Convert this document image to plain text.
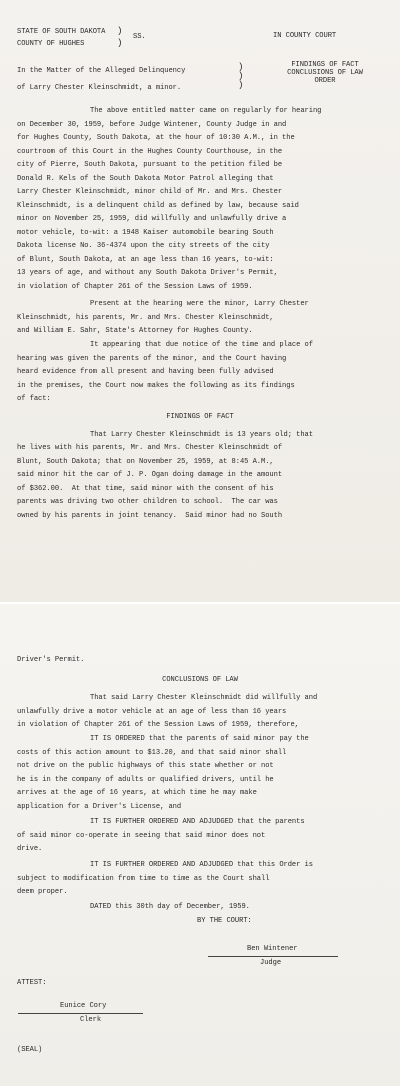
STATE OF SOUTH DAKOTA
COUNTY OF HUGHES
)
)
SS.	IN COUNTY COURT
In the Matter of the Alleged Delinquency
of Larry Chester Kleinschmidt, a minor.
)
)
)
FINDINGS OF FACT
CONCLUSIONS OF LAW
ORDER
The above entitled matter came on regularly for hearing
on December 30, 1959, before Judge Wintener, County Judge in and
for Hughes County, South Dakota, at the hour of 10:30 A.M., in the
courtroom of this Court in the Hughes County Courthouse, in the
city of Pierre, South Dakota, pursuant to the petition filed be
Donald R. Kels of the South Dakota Motor Patrol alleging that
Larry Chester Kleinschmidt, minor child of Mr. and Mrs. Chester
Kleinschmidt, is a delinquent child as defined by law, because said
minor on November 25, 1959, did willfully and unlawfully drive a
motor vehicle, to-wit: a 1948 Kaiser automobile bearing South
Dakota license No. 36-4374 upon the city streets of the city
of Blunt, South Dakota, at an age less than 16 years, to-wit:
13 years of age, and without any South Dakota Driver's Permit,
in violation of Chapter 261 of the Session Laws of 1959.
Present at the hearing were the minor, Larry Chester
Kleinschmidt, his parents, Mr. and Mrs. Chester Kleinschmidt,
and William E. Sahr, State's Attorney for Hughes County.
It appearing that due notice of the time and place of
hearing was given the parents of the minor, and the Court having
heard evidence from all present and having been fully advised
in the premises, the Court now makes the following as its findings
of fact:
FINDINGS OF FACT
That Larry Chester Kleinschmidt is 13 years old; that
he lives with his parents, Mr. and Mrs. Chester Kleinschmidt of
Blunt, South Dakota; that on November 25, 1959, at 8:45 A.M.,
said minor hit the car of J. P. Ogan doing damage in the amount
of $362.00.  At that time, said minor with the consent of his
parents was driving two other children to school.  The car was
owned by his parents in joint tenancy.  Said minor had no South
Driver's Permit.
CONCLUSIONS OF LAW
That said Larry Chester Kleinschmidt did willfully and
unlawfully drive a motor vehicle at an age of less than 16 years
in violation of Chapter 261 of the Session Laws of 1959, therefore,
IT IS ORDERED that the parents of said minor pay the
costs of this action amount to $13.20, and that said minor shall
not drive on the public highways of this state whether or not
he is in the company of adults or qualified drivers, until he
arrives at the age of 16 years, at which time he may make
application for a Driver's License, and
IT IS FURTHER ORDERED AND ADJUDGED that the parents
of said minor co-operate in seeing that said minor does not
drive.
IT IS FURTHER ORDERED AND ADJUDGED that this Order is
subject to modification from time to time as the Court shall
deem proper.
DATED this 30th day of December, 1959.
BY THE COURT:
Ben Wintener
Judge
ATTEST:
Eunice Cory
Clerk
(SEAL)
